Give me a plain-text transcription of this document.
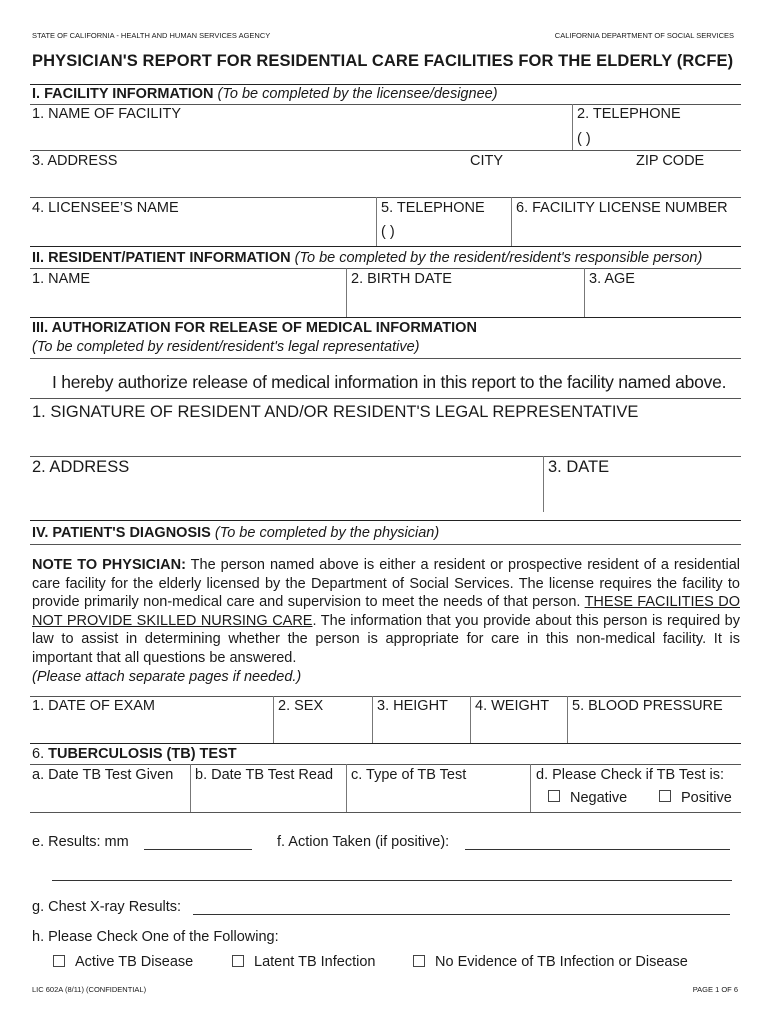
STATE OF CALIFORNIA - HEALTH AND HUMAN SERVICES AGENCY	CALIFORNIA DEPARTMENT OF SOCIAL SERVICES
PHYSICIAN'S REPORT FOR RESIDENTIAL CARE FACILITIES FOR THE ELDERLY (RCFE)
I. FACILITY INFORMATION (To be completed by the licensee/designee)
1. NAME OF FACILITY	2. TELEPHONE
( )
3. ADDRESS	CITY	ZIP CODE
4. LICENSEE’S NAME	5. TELEPHONE
( )
6. FACILITY LICENSE NUMBER
II. RESIDENT/PATIENT INFORMATION (To be completed by the resident/resident's responsible person)
1. NAME	2. BIRTH DATE	3. AGE
III. AUTHORIZATION FOR RELEASE OF MEDICAL INFORMATION
(To be completed by resident/resident's legal representative)
I hereby authorize release of medical information in this report to the facility named above.
1. SIGNATURE OF RESIDENT AND/OR RESIDENT'S LEGAL REPRESENTATIVE
2. ADDRESS	3. DATE
IV. PATIENT'S DIAGNOSIS (To be completed by the physician)
NOTE TO PHYSICIAN: The person named above is either a resident or prospective resident of a residential care facility for the elderly licensed by the Department of Social Services. The license requires the facility to provide primarily non-medical care and supervision to meet the needs of that person. THESE FACILITIES DO NOT PROVIDE SKILLED NURSING CARE. The information that you provide about this person is required by law to assist in determining whether the person is appropriate for care in this non-medical facility. It is important that all questions be answered.
(Please attach separate pages if needed.)
1. DATE OF EXAM	2. SEX	3. HEIGHT 4. WEIGHT 5. BLOOD PRESSURE
6. TUBERCULOSIS (TB) TEST
a. Date TB Test Given b. Date TB Test Read c. Type of TB Test	d. Please Check if TB Test is:
Negative	Positive
e. Results: mm	f. Action Taken (if positive):
g. Chest X-ray Results:
h. Please Check One of the Following:
Active TB Disease	Latent TB Infection	No Evidence of TB Infection or Disease
LIC 602A (8/11) (CONFIDENTIAL)	PAGE 1 OF 6
